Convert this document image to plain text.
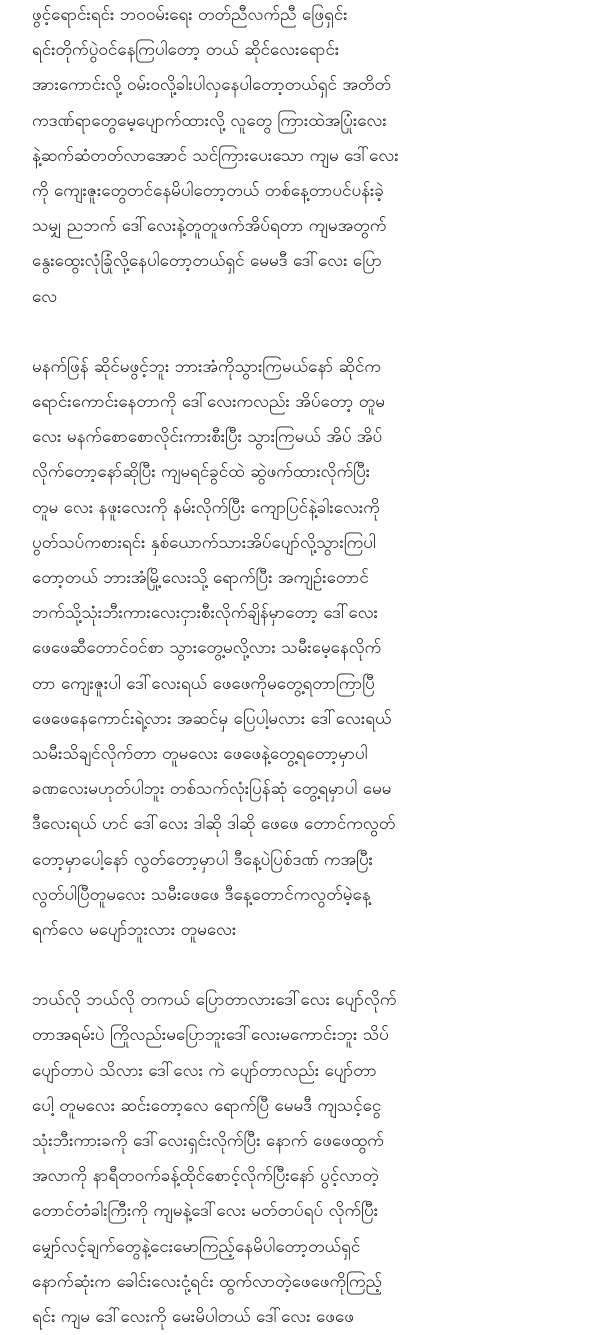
ဖွင့်ရောင်းရင်း ဘဝဝမ်းရေး တတ်ညီလက်ညီ ဖြေရှင်း
ရင်းတိုက်ပွဲဝင်နေကြပါတော့ တယ် ဆိုင်လေးရောင်း
အားကောင်းလို့ ဝမ်းဝလို့ခါးပါလှနေပါတော့တယ်ရှင် အတိတ်
ကဒဏ်ရာတွေမေ့ပျောက်ထားလို့ လူတွေ ကြားထဲအပြုံးလေး
နဲ့ဆက်ဆံတတ်လာအောင် သင်ကြားပေးသော ကျမ ဒေါ်လေး
ကို ကျေးဇူးတွေတင်နေမိပါတော့တယ် တစ်နေ့တာပင်ပန်းခဲ့
သမျှ ညဘက် ဒေါ်လေးနဲ့တူတူဖက်အိပ်ရတာ ကျမအတွက်
နွေးထွေးလုံခြုံလို့နေပါတော့တယ်ရှင် မေမဒီ ဒေါ်လေး ပြော
လေ
မနက်ဖြန် ဆိုင်မဖွင့်ဘူး ဘားအံကိုသွားကြမယ်နော် ဆိုင်က
ရောင်းကောင်းနေတာကို ဒေါ်လေးကလည်း အိပ်တော့ တူမ
လေး မနက်စောစောလိုင်းကားစီးပြီး သွားကြမယ် အိပ် အိပ်
လိုက်တော့နော်ဆိုပြီး ကျမရင်ခွင်ထဲ ဆွဲဖက်ထားလိုက်ပြီး
တူမ လေး နဖူးလေးကို နမ်းလိုက်ပြီး ကျောပြင်နဲ့ခါးလေးကို
ပွတ်သပ်ကစားရင်း နှစ်ယောက်သားအိပ်ပျော်လို့သွားကြပါ
တော့တယ် ဘားအံမြို့လေးသို့ ရောက်ပြီး အကျဉ်းတောင်
ဘက်သို့သုံးဘီးကားလေးငှားစီးလိုက်ချိန်မှာတော့ ဒေါ်လေး
ဖေဖေဆီတောင်ဝင်စာ သွားတွေ့မလို့လား သမီးမေ့နေလိုက်
တာ ကျေးဇူးပါ ဒေါ်လေးရယ် ဖေဖေကိုမတွေ့ရတာကြာပြီ
ဖေဖေနေကောင်းရဲ့လား အဆင်မှ ပြေပါ့မလား ဒေါ်လေးရယ်
သမီးသိချင်လိုက်တာ တူမလေး ဖေဖေနဲ့တွေ့ရတော့မှာပါ
ခဏလေးမဟုတ်ပါဘူး တစ်သက်လုံးပြန်ဆုံ တွေ့ရမှာပါ မေမ
ဒီလေးရယ် ဟင် ဒေါ်လေး ဒါဆို ဒါဆို ဖေဖေ တောင်ကလွတ်
တော့မှာပေါ့နော် လွတ်တော့မှာပါ ဒီနေ့ပဲပြစ်ဒဏ် ကအပြီး
လွတ်ပါပြီတူမလေး သမီးဖေဖေ ဒီနေ့တောင်ကလွတ်မဲ့နေ့
ရက်လေ မပျော်ဘူးလား တူမလေး
ဘယ်လို ဘယ်လို တကယ် ပြောတာလားဒေါ်လေး ပျော်လိုက်
တာအရမ်းပဲ ကြိုလည်းမပြောဘူးဒေါ်လေးမကောင်းဘူး သိပ်
ပျော်တာပဲ သိလား ဒေါ်လေး ကဲ ပျော်တာလည်း ပျော်တာ
ပေါ့ တူမလေး ဆင်းတော့လေ ရောက်ပြီ မေမဒီ ကျသင့်ငွေ
သုံးဘီးကားခကို ဒေါ်လေးရှင်းလိုက်ပြီး နောက် ဖေဖေထွက်
အလာကို နာရီတဝက်ခန့်ထိုင်စောင့်လိုက်ပြီးနော် ပွင့်လာတဲ့
တောင်တံခါးကြီးကို ကျမနဲ့ဒေါ်လေး မတ်တပ်ရပ် လိုက်ပြီး
မျှော်လင့်ချက်တွေနဲ့ငေးမောကြည့်နေမိပါတော့တယ်ရှင်
နောက်ဆုံးက ခေါင်းလေးငုံ့ရင်း ထွက်လာတဲ့ဖေဖေကိုကြည့်
ရင်း ကျမ ဒေါ်လေးကို မေးမိပါတယ် ဒေါ်လေး ဖေဖေ
